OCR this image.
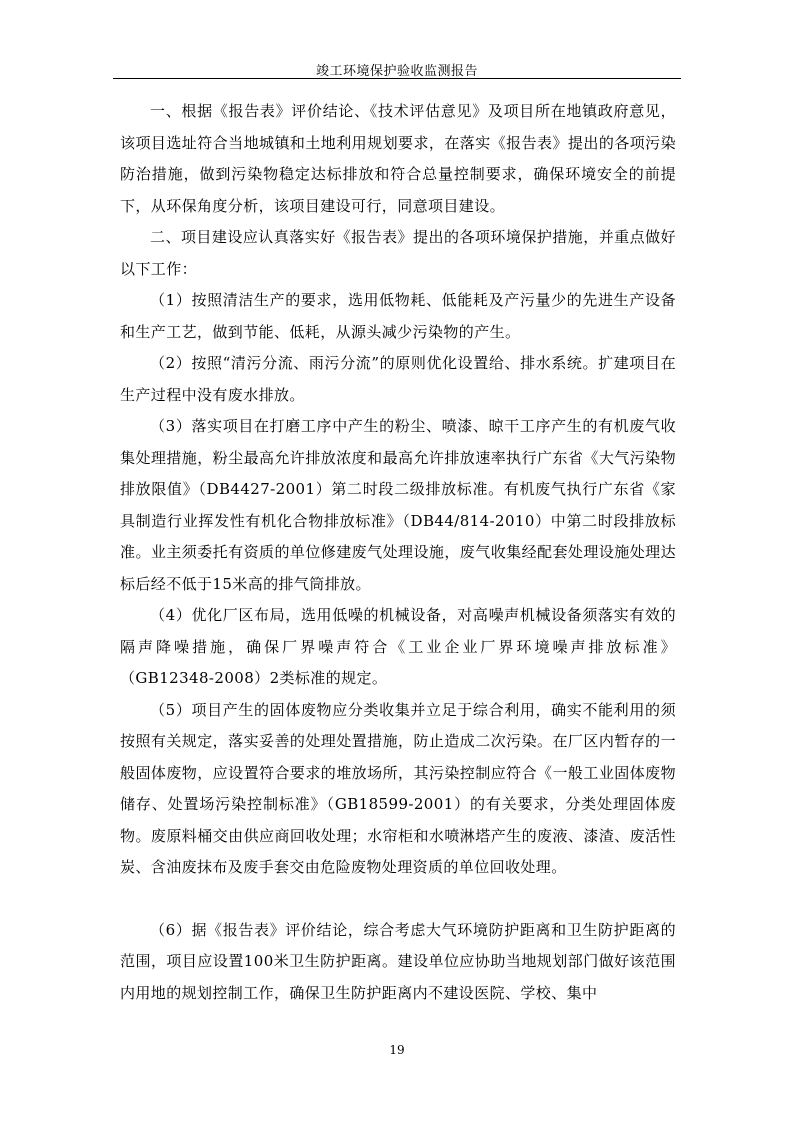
竣工环境保护验收监测报告

一、根据《报告表》评价结论、《技术评估意见》及项目所在地镇政府意见，该项目选址符合当地城镇和土地利用规划要求，在落实《报告表》提出的各项污染防治措施，做到污染物稳定达标排放和符合总量控制要求，确保环境安全的前提下，从环保角度分析，该项目建设可行，同意项目建设。

二、项目建设应认真落实好《报告表》提出的各项环境保护措施，并重点做好以下工作：

（1）按照清洁生产的要求，选用低物耗、低能耗及产污量少的先进生产设备和生产工艺，做到节能、低耗，从源头减少污染物的产生。

（2）按照“清污分流、雨污分流”的原则优化设置给、排水系统。扩建项目在生产过程中没有废水排放。

（3）落实项目在打磨工序中产生的粉尘、喷漆、晾干工序产生的有机废气收集处理措施，粉尘最高允许排放浓度和最高允许排放速率执行广东省《大气污染物排放限值》（DB4427-2001）第二时段二级排放标准。有机废气执行广东省《家具制造行业挥发性有机化合物排放标准》（DB44/814-2010）中第二时段排放标准。业主须委托有资质的单位修建废气处理设施，废气收集经配套处理设施处理达标后经不低于15米高的排气筒排放。

（4）优化厂区布局，选用低噪的机械设备，对高噪声机械设备须落实有效的隔声降噪措施，确保厂界噪声符合《工业企业厂界环境噪声排放标准》（GB12348-2008）2类标准的规定。

（5）项目产生的固体废物应分类收集并立足于综合利用，确实不能利用的须按照有关规定，落实妥善的处理处置措施，防止造成二次污染。在厂区内暂存的一般固体废物，应设置符合要求的堆放场所，其污染控制应符合《一般工业固体废物储存、处置场污染控制标准》（GB18599-2001）的有关要求，分类处理固体废物。废原料桶交由供应商回收处理；水帘柜和水喷淋塔产生的废液、漆渣、废活性炭、含油废抹布及废手套交由危险废物处理资质的单位回收处理。

（6）据《报告表》评价结论，综合考虑大气环境防护距离和卫生防护距离的范围，项目应设置100米卫生防护距离。建设单位应协助当地规划部门做好该范围内用地的规划控制工作，确保卫生防护距离内不建设医院、学校、集中

19
